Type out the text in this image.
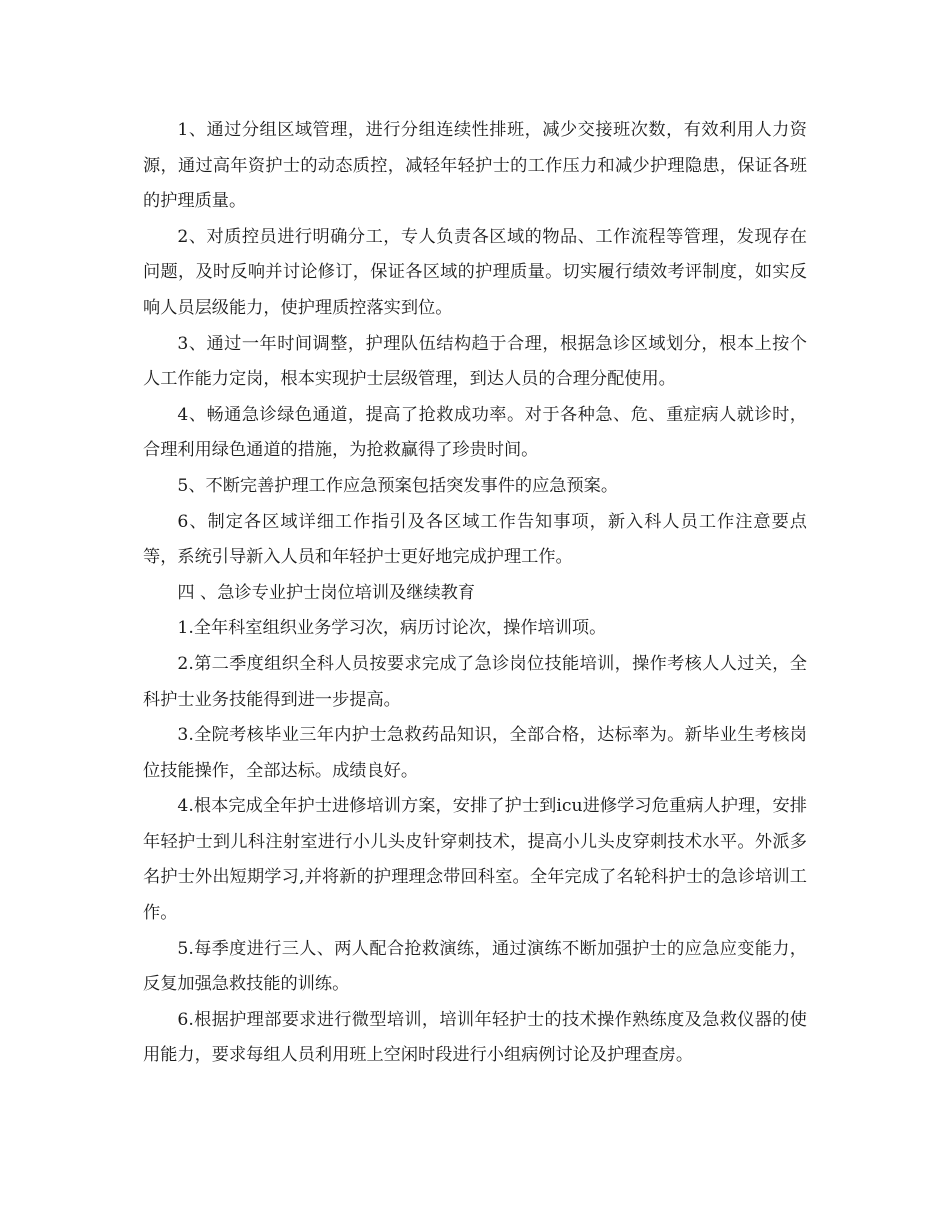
1、通过分组区域管理，进行分组连续性排班，减少交接班次数，有效利用人力资源，通过高年资护士的动态质控，减轻年轻护士的工作压力和减少护理隐患，保证各班的护理质量。

2、对质控员进行明确分工，专人负责各区域的物品、工作流程等管理，发现存在问题，及时反响并讨论修订，保证各区域的护理质量。切实履行绩效考评制度，如实反响人员层级能力，使护理质控落实到位。

3、通过一年时间调整，护理队伍结构趋于合理，根据急诊区域划分，根本上按个人工作能力定岗，根本实现护士层级管理，到达人员的合理分配使用。

4、畅通急诊绿色通道，提高了抢救成功率。对于各种急、危、重症病人就诊时，合理利用绿色通道的措施，为抢救赢得了珍贵时间。

5、不断完善护理工作应急预案包括突发事件的应急预案。

6、制定各区域详细工作指引及各区域工作告知事项，新入科人员工作注意要点等，系统引导新入人员和年轻护士更好地完成护理工作。

四 、急诊专业护士岗位培训及继续教育

1.全年科室组织业务学习次，病历讨论次，操作培训项。

2.第二季度组织全科人员按要求完成了急诊岗位技能培训，操作考核人人过关，全科护士业务技能得到进一步提高。

3.全院考核毕业三年内护士急救药品知识，全部合格，达标率为。新毕业生考核岗位技能操作，全部达标。成绩良好。

4.根本完成全年护士进修培训方案，安排了护士到icu进修学习危重病人护理，安排年轻护士到儿科注射室进行小儿头皮针穿刺技术，提高小儿头皮穿刺技术水平。外派多名护士外出短期学习,并将新的护理理念带回科室。全年完成了名轮科护士的急诊培训工作。

5.每季度进行三人、两人配合抢救演练，通过演练不断加强护士的应急应变能力，反复加强急救技能的训练。

6.根据护理部要求进行微型培训，培训年轻护士的技术操作熟练度及急救仪器的使用能力，要求每组人员利用班上空闲时段进行小组病例讨论及护理查房。
